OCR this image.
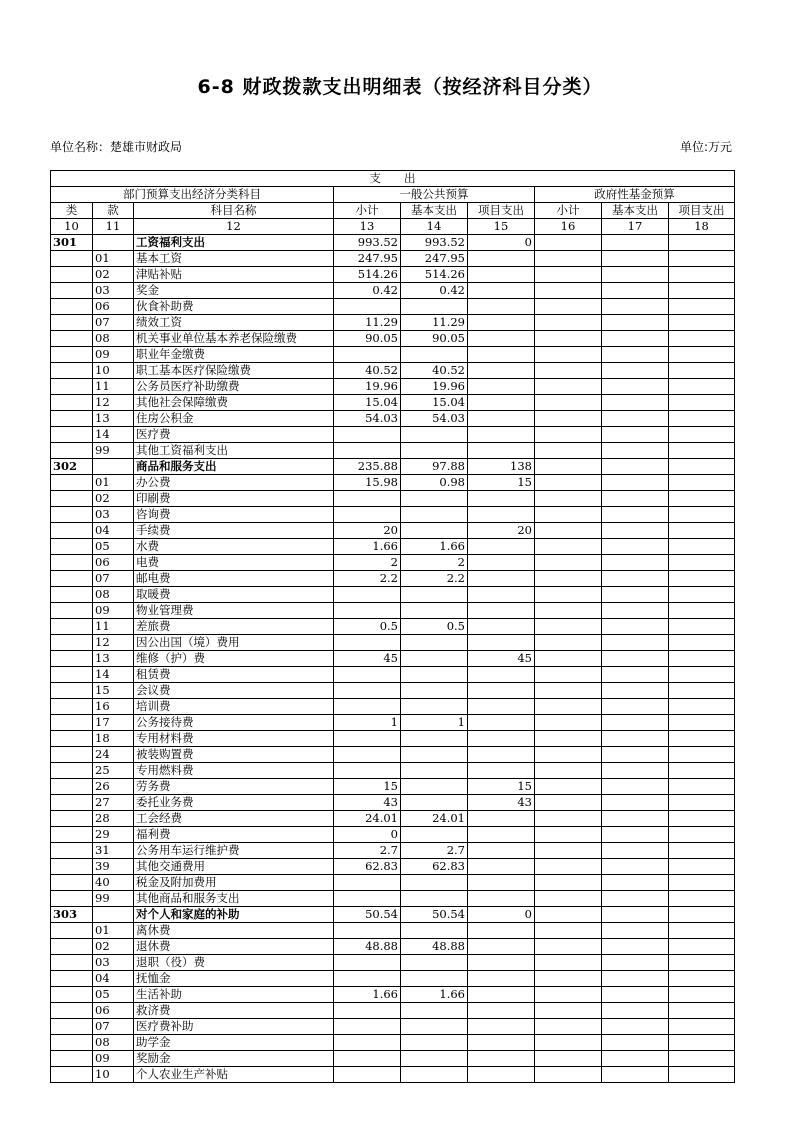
6-8 财政拨款支出明细表（按经济科目分类）
单位名称：楚雄市财政局	单位:万元
支　　出								
部门预算支出经济分类科目			一般公共预算			政府性基金预算		
类	款	科目名称	小计	基本支出	项目支出	小计	基本支出	项目支出
10	11	12	13	14	15	16	17	18
301		工资福利支出	993.52	993.52	0			
	01	基本工资	247.95	247.95				
	02	津贴补贴	514.26	514.26				
	03	奖金	0.42	0.42				
	06	伙食补助费						
	07	绩效工资	11.29	11.29				
	08	机关事业单位基本养老保险缴费	90.05	90.05				
	09	职业年金缴费						
	10	职工基本医疗保险缴费	40.52	40.52				
	11	公务员医疗补助缴费	19.96	19.96				
	12	其他社会保障缴费	15.04	15.04				
	13	住房公积金	54.03	54.03				
	14	医疗费						
	99	其他工资福利支出						
302		商品和服务支出	235.88	97.88	138			
	01	办公费	15.98	0.98	15			
	02	印刷费						
	03	咨询费						
	04	手续费	20		20			
	05	水费	1.66	1.66				
	06	电费	2	2				
	07	邮电费	2.2	2.2				
	08	取暖费						
	09	物业管理费						
	11	差旅费	0.5	0.5				
	12	因公出国（境）费用						
	13	维修（护）费	45		45			
	14	租赁费						
	15	会议费						
	16	培训费						
	17	公务接待费	1	1				
	18	专用材料费						
	24	被装购置费						
	25	专用燃料费						
	26	劳务费	15		15			
	27	委托业务费	43		43			
	28	工会经费	24.01	24.01				
	29	福利费	0					
	31	公务用车运行维护费	2.7	2.7				
	39	其他交通费用	62.83	62.83				
	40	税金及附加费用						
	99	其他商品和服务支出						
303		对个人和家庭的补助	50.54	50.54	0			
	01	离休费						
	02	退休费	48.88	48.88				
	03	退职（役）费						
	04	抚恤金						
	05	生活补助	1.66	1.66				
	06	救济费						
	07	医疗费补助						
	08	助学金						
	09	奖励金						
	10	个人农业生产补贴						
